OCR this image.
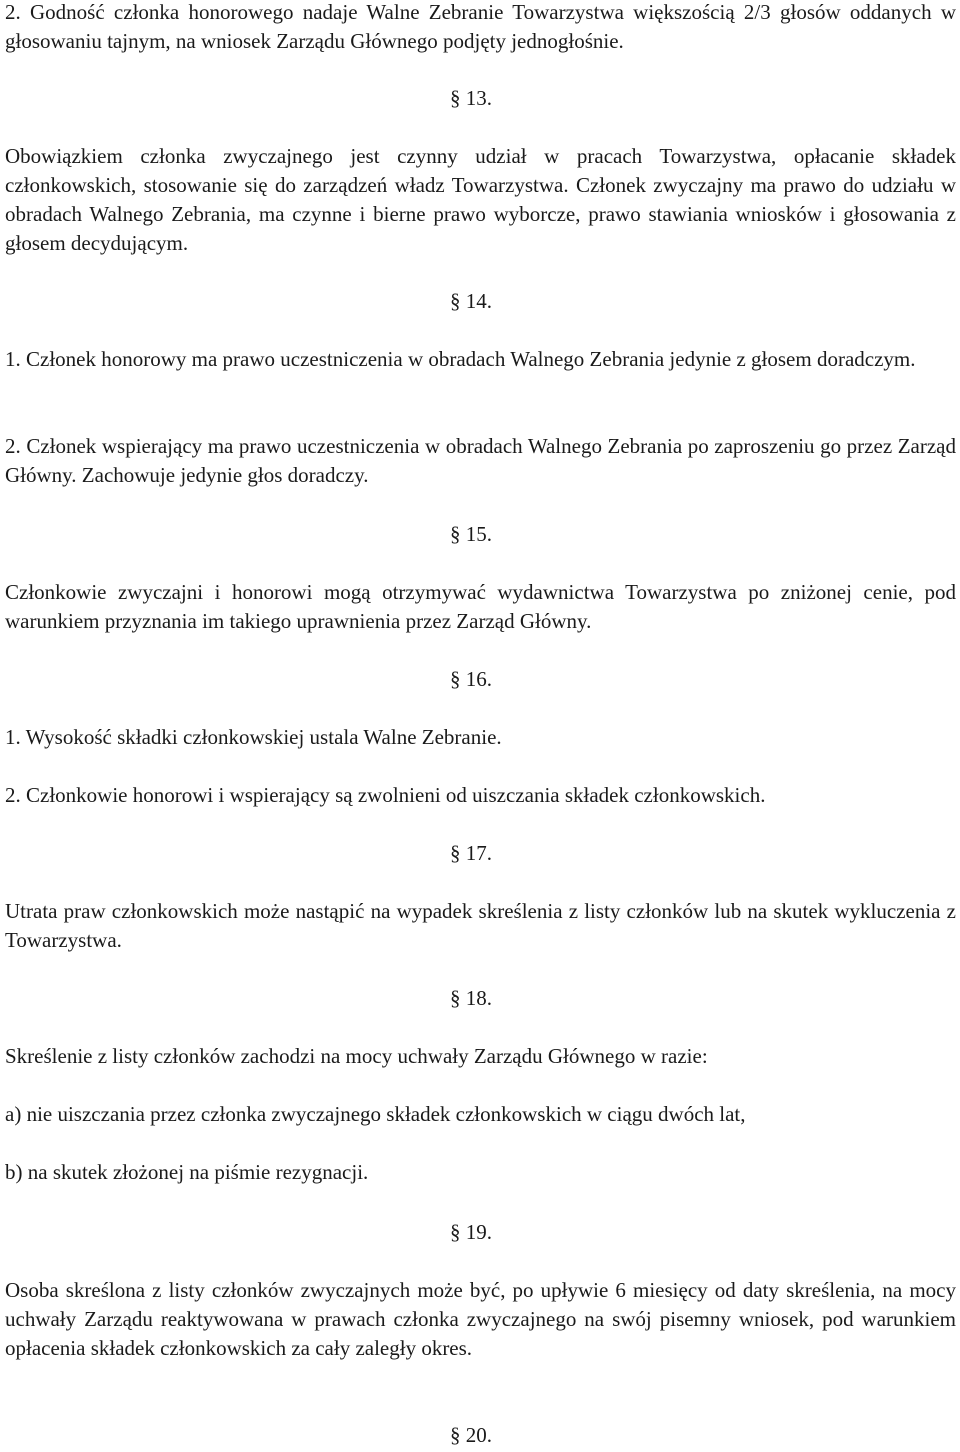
2. Godność członka honorowego nadaje Walne Zebranie Towarzystwa większością 2/3 głosów oddanych w głosowaniu tajnym, na wniosek Zarządu Głównego podjęty jednogłośnie.

§ 13.

Obowiązkiem członka zwyczajnego jest czynny udział w pracach Towarzystwa, opłacanie składek członkowskich, stosowanie się do zarządzeń władz Towarzystwa. Członek zwyczajny ma prawo do udziału w obradach Walnego Zebrania, ma czynne i bierne prawo wyborcze, prawo stawiania wniosków i głosowania z głosem decydującym.

§ 14.

1. Członek honorowy ma prawo uczestniczenia w obradach Walnego Zebrania jedynie z głosem doradczym.

2. Członek wspierający ma prawo uczestniczenia w obradach Walnego Zebrania po zaproszeniu go przez Zarząd Główny. Zachowuje jedynie głos doradczy.

§ 15.

Członkowie zwyczajni i honorowi mogą otrzymywać wydawnictwa Towarzystwa po zniżonej cenie, pod warunkiem przyznania im takiego uprawnienia przez Zarząd Główny.

§ 16.

1. Wysokość składki członkowskiej ustala Walne Zebranie.

2. Członkowie honorowi i wspierający są zwolnieni od uiszczania składek członkowskich.

§ 17.

Utrata praw członkowskich może nastąpić na wypadek skreślenia z listy członków lub na skutek wykluczenia z Towarzystwa.

§ 18.

Skreślenie z listy członków zachodzi na mocy uchwały Zarządu Głównego w razie:

a) nie uiszczania przez członka zwyczajnego składek członkowskich w ciągu dwóch lat,

b) na skutek złożonej na piśmie rezygnacji.

§ 19.

Osoba skreślona z listy członków zwyczajnych może być, po upływie 6 miesięcy od daty skreślenia, na mocy uchwały Zarządu reaktywowana w prawach członka zwyczajnego na swój pisemny wniosek, pod warunkiem opłacenia składek członkowskich za cały zaległy okres.

§ 20.
